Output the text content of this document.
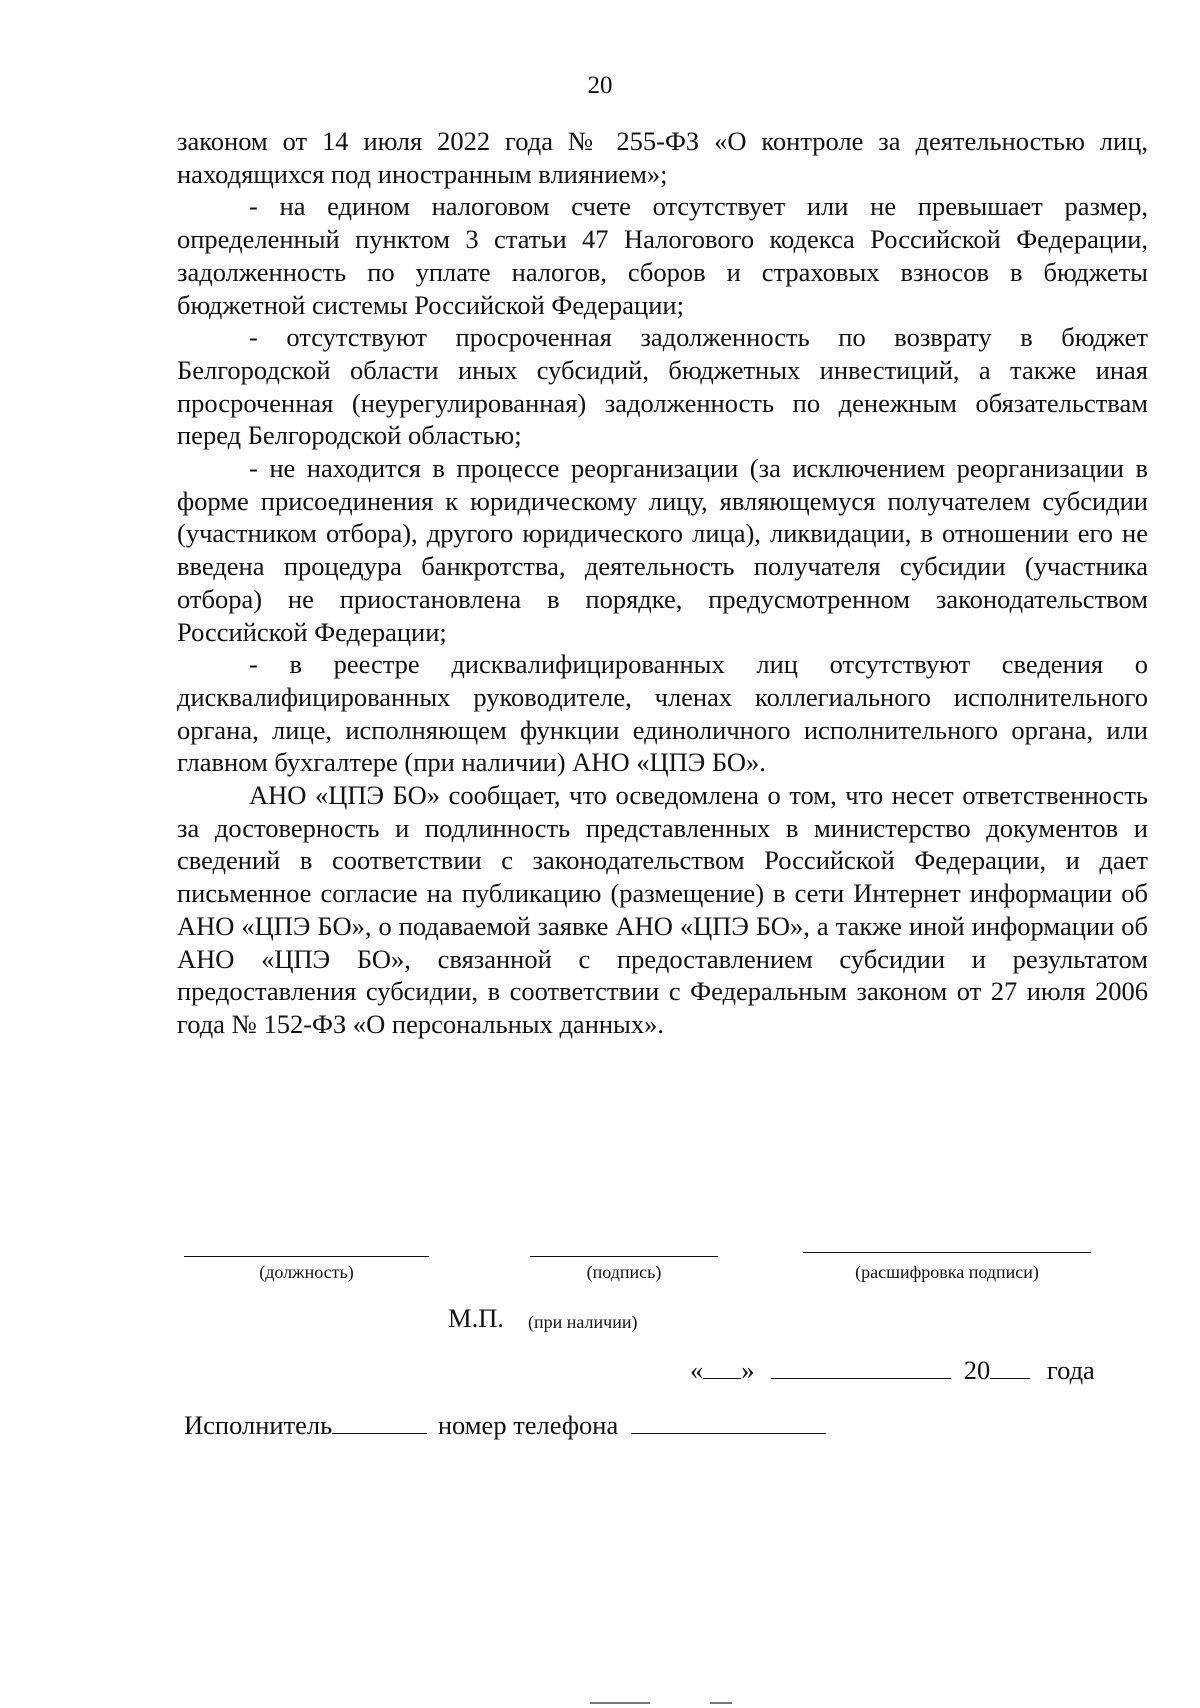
20

законом от 14 июля 2022 года № 255-ФЗ «О контроле за деятельностью лиц, находящихся под иностранным влиянием»;

- на едином налоговом счете отсутствует или не превышает размер, определенный пунктом 3 статьи 47 Налогового кодекса Российской Федерации, задолженность по уплате налогов, сборов и страховых взносов в бюджеты бюджетной системы Российской Федерации;

- отсутствуют просроченная задолженность по возврату в бюджет Белгородской области иных субсидий, бюджетных инвестиций, а также иная просроченная (неурегулированная) задолженность по денежным обязательствам перед Белгородской областью;

- не находится в процессе реорганизации (за исключением реорганизации в форме присоединения к юридическому лицу, являющемуся получателем субсидии (участником отбора), другого юридического лица), ликвидации, в отношении его не введена процедура банкротства, деятельность получателя субсидии (участника отбора) не приостановлена в порядке, предусмотренном законодательством Российской Федерации;

- в реестре дисквалифицированных лиц отсутствуют сведения о дисквалифицированных руководителе, членах коллегиального исполнительного органа, лице, исполняющем функции единоличного исполнительного органа, или главном бухгалтере (при наличии) АНО «ЦПЭ БО».

АНО «ЦПЭ БО» сообщает, что осведомлена о том, что несет ответственность за достоверность и подлинность представленных в министерство документов и сведений в соответствии с законодательством Российской Федерации, и дает письменное согласие на публикацию (размещение) в сети Интернет информации об АНО «ЦПЭ БО», о подаваемой заявке АНО «ЦПЭ БО», а также иной информации об АНО «ЦПЭ БО», связанной с предоставлением субсидии и результатом предоставления субсидии, в соответствии с Федеральным законом от 27 июля 2006 года № 152-ФЗ «О персональных данных».

(должность)	(подпись)	(расшифровка подписи)
М.П. (при наличии)
« »	20 года
Исполнитель	номер телефона
